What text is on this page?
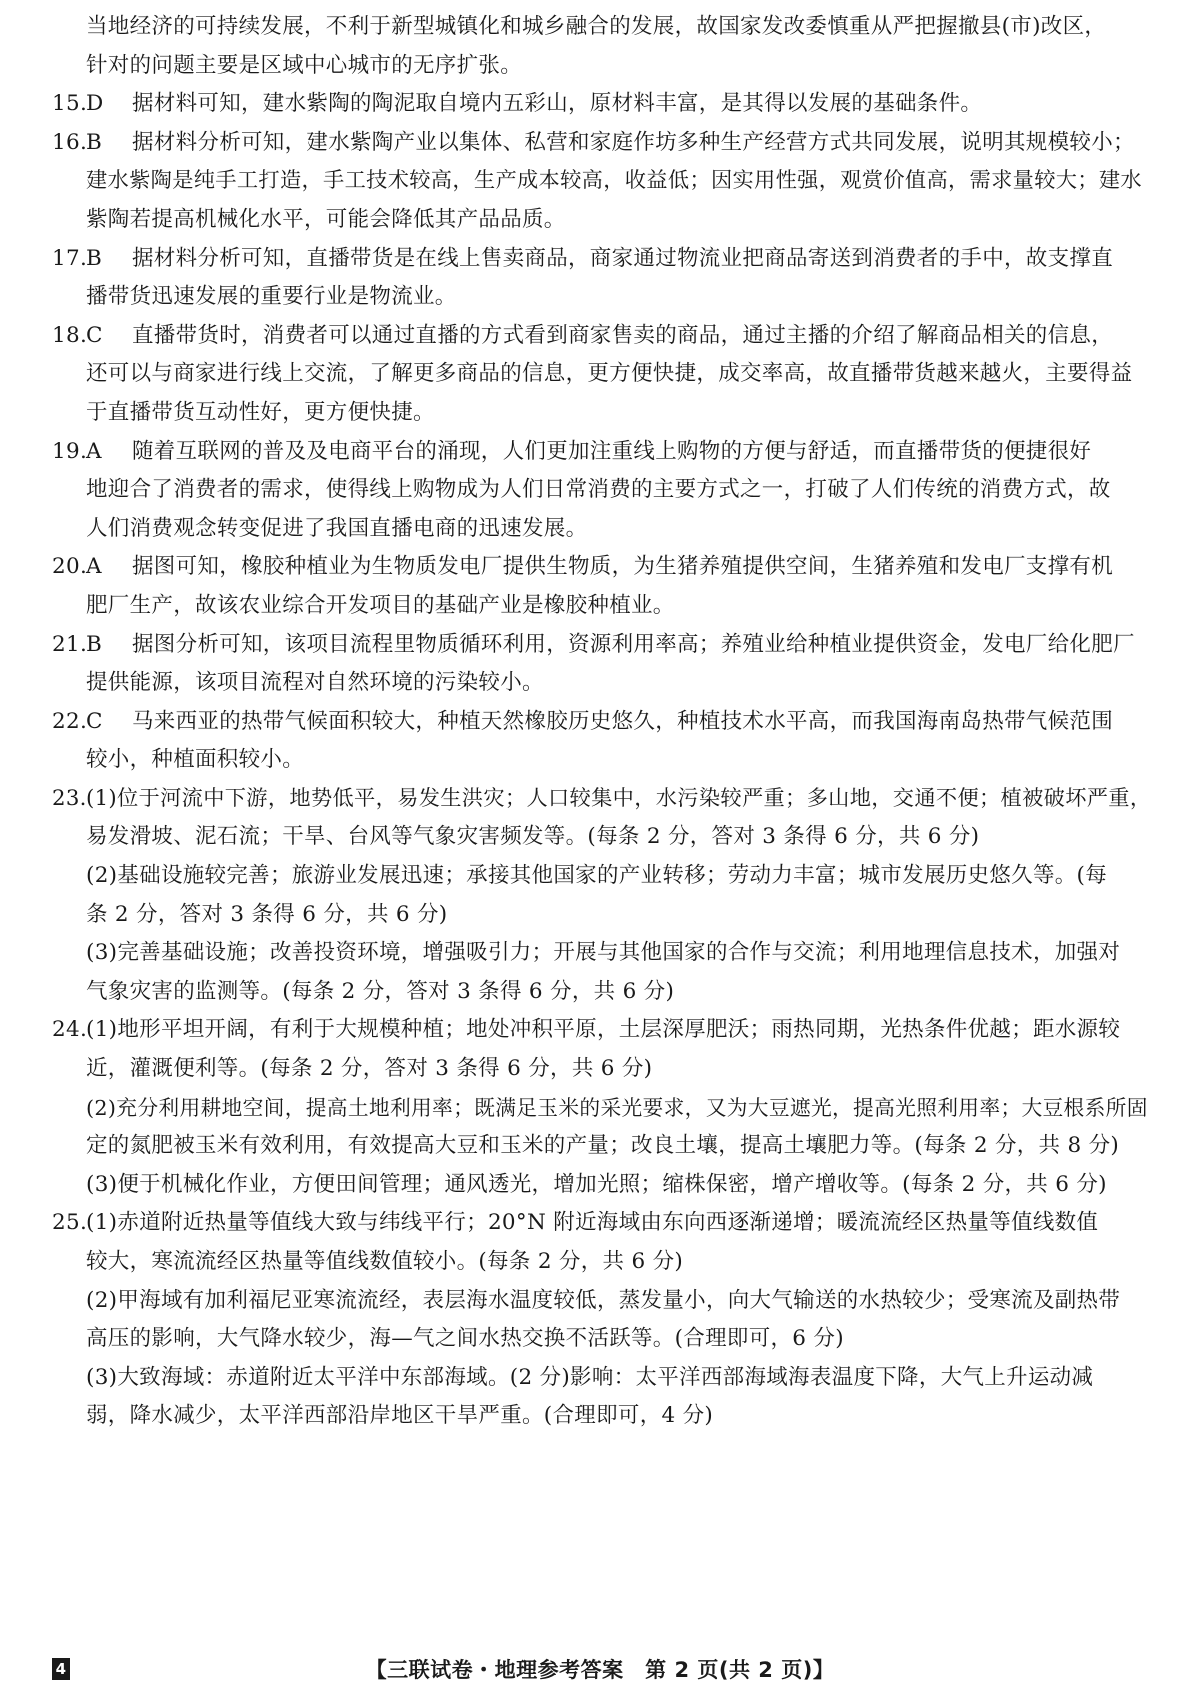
当地经济的可持续发展，不利于新型城镇化和城乡融合的发展，故国家发改委慎重从严把握撤县(市)改区，
针对的问题主要是区域中心城市的无序扩张。
15.D 据材料可知，建水紫陶的陶泥取自境内五彩山，原材料丰富，是其得以发展的基础条件。
16.B 据材料分析可知，建水紫陶产业以集体、私营和家庭作坊多种生产经营方式共同发展，说明其规模较小；
建水紫陶是纯手工打造，手工技术较高，生产成本较高，收益低；因实用性强，观赏价值高，需求量较大；建水
紫陶若提高机械化水平，可能会降低其产品品质。
17.B 据材料分析可知，直播带货是在线上售卖商品，商家通过物流业把商品寄送到消费者的手中，故支撑直
播带货迅速发展的重要行业是物流业。
18.C 直播带货时，消费者可以通过直播的方式看到商家售卖的商品，通过主播的介绍了解商品相关的信息，
还可以与商家进行线上交流，了解更多商品的信息，更方便快捷，成交率高，故直播带货越来越火，主要得益
于直播带货互动性好，更方便快捷。
19.A 随着互联网的普及及电商平台的涌现，人们更加注重线上购物的方便与舒适，而直播带货的便捷很好
地迎合了消费者的需求，使得线上购物成为人们日常消费的主要方式之一，打破了人们传统的消费方式，故
人们消费观念转变促进了我国直播电商的迅速发展。
20.A 据图可知，橡胶种植业为生物质发电厂提供生物质，为生猪养殖提供空间，生猪养殖和发电厂支撑有机
肥厂生产，故该农业综合开发项目的基础产业是橡胶种植业。
21.B 据图分析可知，该项目流程里物质循环利用，资源利用率高；养殖业给种植业提供资金，发电厂给化肥厂
提供能源，该项目流程对自然环境的污染较小。
22.C 马来西亚的热带气候面积较大，种植天然橡胶历史悠久，种植技术水平高，而我国海南岛热带气候范围
较小，种植面积较小。
23.(1)位于河流中下游，地势低平，易发生洪灾；人口较集中，水污染较严重；多山地，交通不便；植被破坏严重，
易发滑坡、泥石流；干旱、台风等气象灾害频发等。(每条 2 分，答对 3 条得 6 分，共 6 分)
(2)基础设施较完善；旅游业发展迅速；承接其他国家的产业转移；劳动力丰富；城市发展历史悠久等。(每
条 2 分，答对 3 条得 6 分，共 6 分)
(3)完善基础设施；改善投资环境，增强吸引力；开展与其他国家的合作与交流；利用地理信息技术，加强对
气象灾害的监测等。(每条 2 分，答对 3 条得 6 分，共 6 分)
24.(1)地形平坦开阔，有利于大规模种植；地处冲积平原，土层深厚肥沃；雨热同期，光热条件优越；距水源较
近，灌溉便利等。(每条 2 分，答对 3 条得 6 分，共 6 分)
(2)充分利用耕地空间，提高土地利用率；既满足玉米的采光要求，又为大豆遮光，提高光照利用率；大豆根系所固
定的氮肥被玉米有效利用，有效提高大豆和玉米的产量；改良土壤，提高土壤肥力等。(每条 2 分，共 8 分)
(3)便于机械化作业，方便田间管理；通风透光，增加光照；缩株保密，增产增收等。(每条 2 分，共 6 分)
25.(1)赤道附近热量等值线大致与纬线平行；20°N 附近海域由东向西逐渐递增；暖流流经区热量等值线数值
较大，寒流流经区热量等值线数值较小。(每条 2 分，共 6 分)
(2)甲海域有加利福尼亚寒流流经，表层海水温度较低，蒸发量小，向大气输送的水热较少；受寒流及副热带
高压的影响，大气降水较少，海—气之间水热交换不活跃等。(合理即可，6 分)
(3)大致海域：赤道附近太平洋中东部海域。(2 分)影响：太平洋西部海域海表温度下降，大气上升运动减
弱，降水减少，太平洋西部沿岸地区干旱严重。(合理即可，4 分)
4	【三联试卷・地理参考答案　第 2 页(共 2 页)】
